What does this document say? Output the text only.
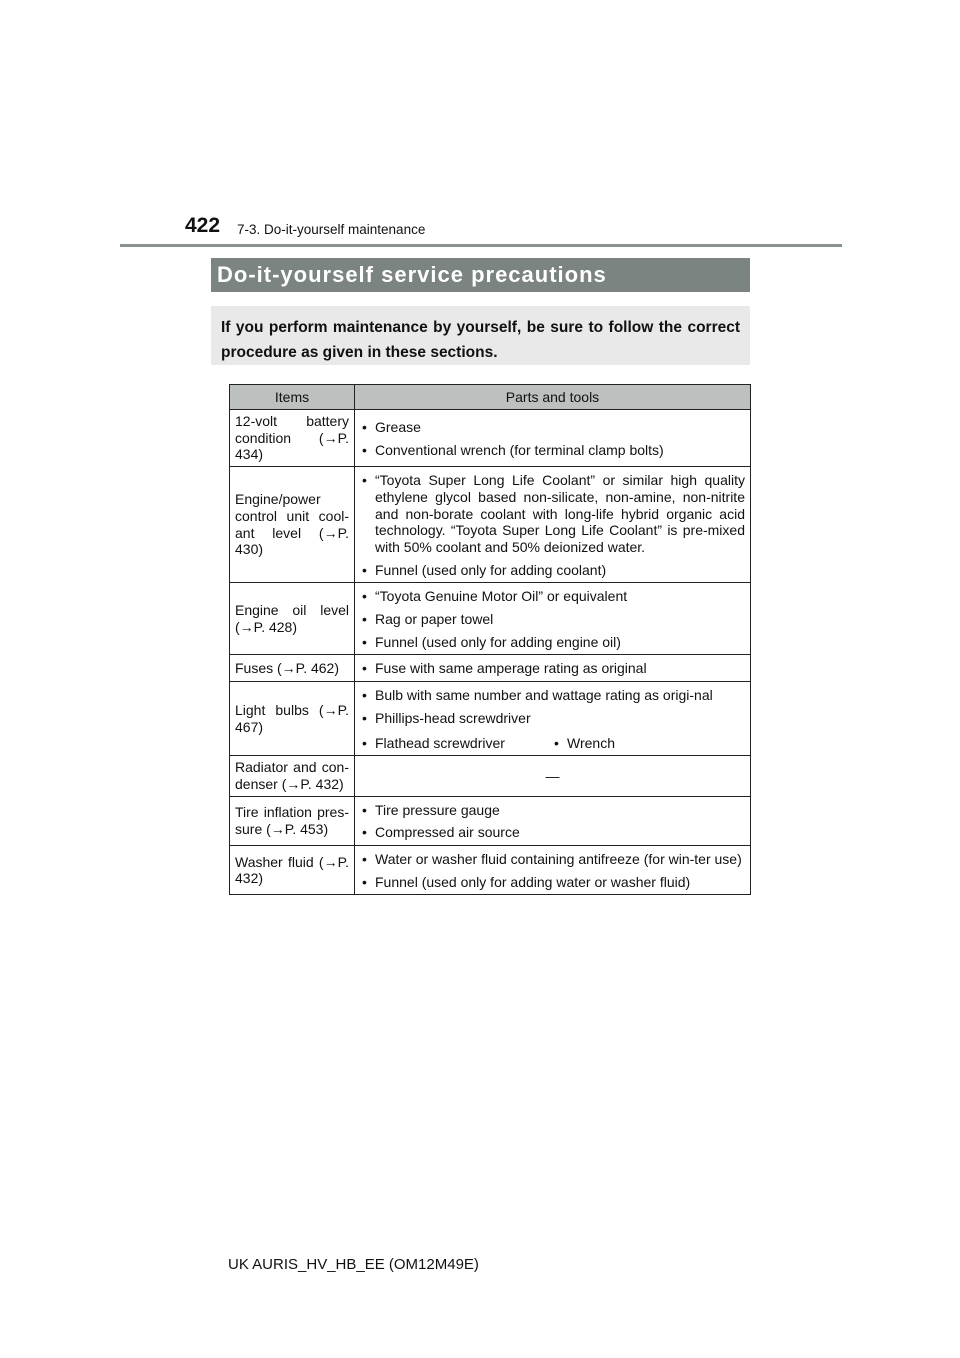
422 7-3. Do-it-yourself maintenance
Do-it-yourself service precautions
If you perform maintenance by yourself, be sure to follow the correct procedure as given in these sections.
Items	Parts and tools
12-volt battery condition (→P. 434)	• Grease
• Conventional wrench (for terminal clamp bolts)

Engine/power control unit cool-ant level (→P. 430)	• “Toyota Super Long Life Coolant” or similar high quality ethylene glycol based non-silicate, non-amine, non-nitrite and non-borate coolant with long-life hybrid organic acid technology. “Toyota Super Long Life Coolant” is pre-mixed with 50% coolant and 50% deionized water.
• Funnel (used only for adding coolant)

Engine oil level (→P. 428)	• “Toyota Genuine Motor Oil” or equivalent
• Rag or paper towel
• Funnel (used only for adding engine oil)

Fuses (→P. 462)	• Fuse with same amperage rating as original

Light bulbs (→P. 467)	• Bulb with same number and wattage rating as origi-nal
• Phillips-head screwdriver
• Flathead screwdriver • Wrench

Radiator and con-denser (→P. 432)	—
Tire inflation pres-sure (→P. 453)	• Tire pressure gauge
• Compressed air source

Washer fluid (→P. 432)	• Water or washer fluid containing antifreeze (for win-ter use)
• Funnel (used only for adding water or washer fluid)
UK AURIS_HV_HB_EE (OM12M49E)
